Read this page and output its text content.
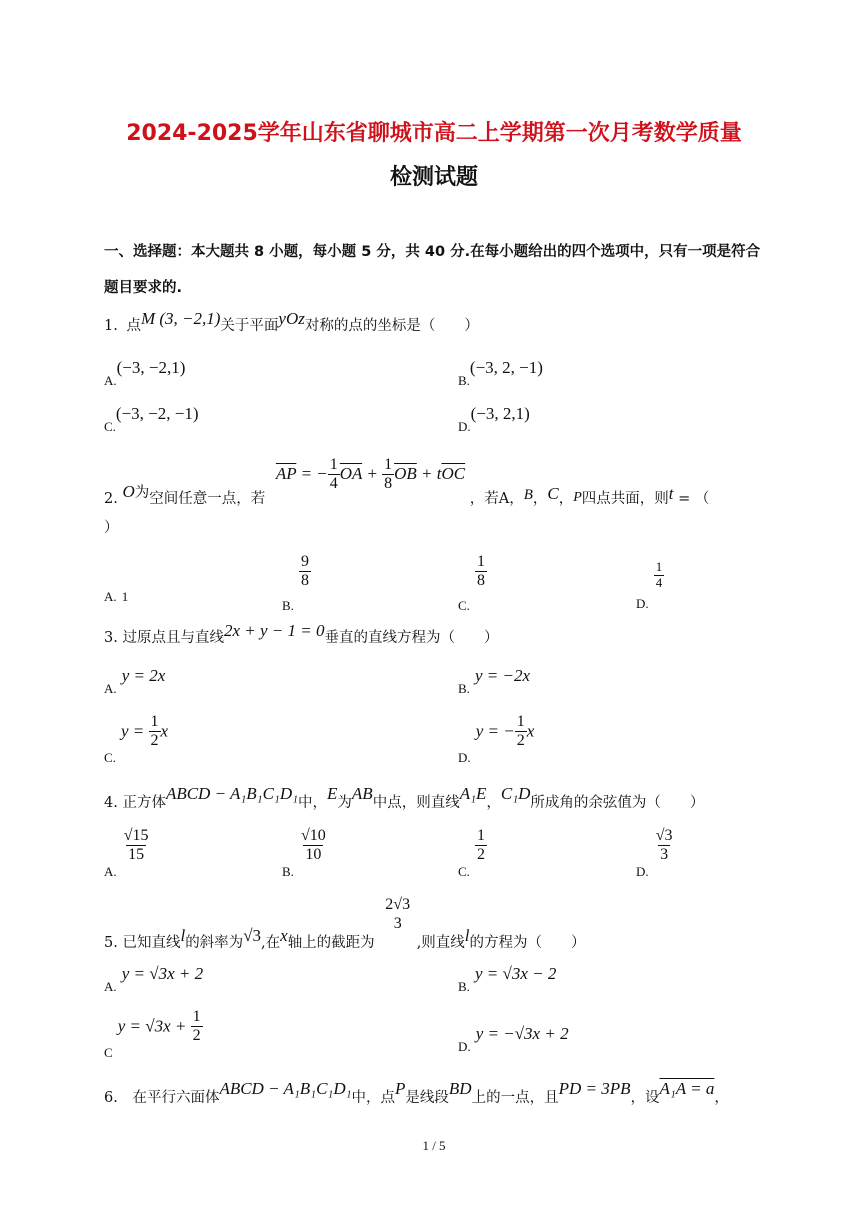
2024-2025学年山东省聊城市高二上学期第一次月考数学质量
检测试题
一、选择题：本大题共 8 小题，每小题 5 分，共 40 分.在每小题给出的四个选项中，只有一项是符合
题目要求的.
1. 点M (3, −2,1)关于平面yOz对称的点的坐标是（　　）
$_{A.}$(−3, −2,1)
$_{B.}$(−3, 2, −1)
$_{C.}$(−3, −2, −1)
$_{D.}$(−3, 2,1)
2. O为空间任意一点，若 $\overline{AP}$ = − $\frac{1}{4} \overline{OA} + \frac{1}{8} \overline{OB} + t\overline{OC}$ ，若A，B，C，P四点共面，则t = （
）
A. 1
$_{B.}$
$\frac{9}{8}$
$_{C.}$
$\frac{1}{8}$
$_{D.}$
$\frac{1}{4}$
3. 过原点且与直线2x + y − 1 = 0垂直的直线方程为（　　）
$_{A.}$ y = 2x
$_{B.}$ y = −2x
$_{C.}$ $y = \frac{1}{2}$ x
$_{D.}$ y = − $\frac{1}{2}$ x
4. 正方体ABCD − A₁B₁C₁D₁中，E为AB中点，则直线A₁E，C₁D所成角的余弦值为（　　）
$_{A.}$
$\frac{√15}{15}$
$_{B.}$
$\frac{√10}{10}$
$_{C.}$
$\frac{1}{2}$
$_{D.}$
$\frac{√3}{3}$
5. 已知直线l的斜率为√3,在x轴上的截距为
2√3
3
,则直线l的方程为（　　）
$_{A.}$ y = √3x + 2
$_{B.}$ y = √3x − 2
$_C$ $y = √3x + \frac{1}{2}$
$_{D.}$ y = −√3x + 2
6. 在平行六面体ABCD − A₁B₁C₁D₁中，点P是线段BD上的一点，且PD = 3PB，设A₁A = a，
1 / 5
